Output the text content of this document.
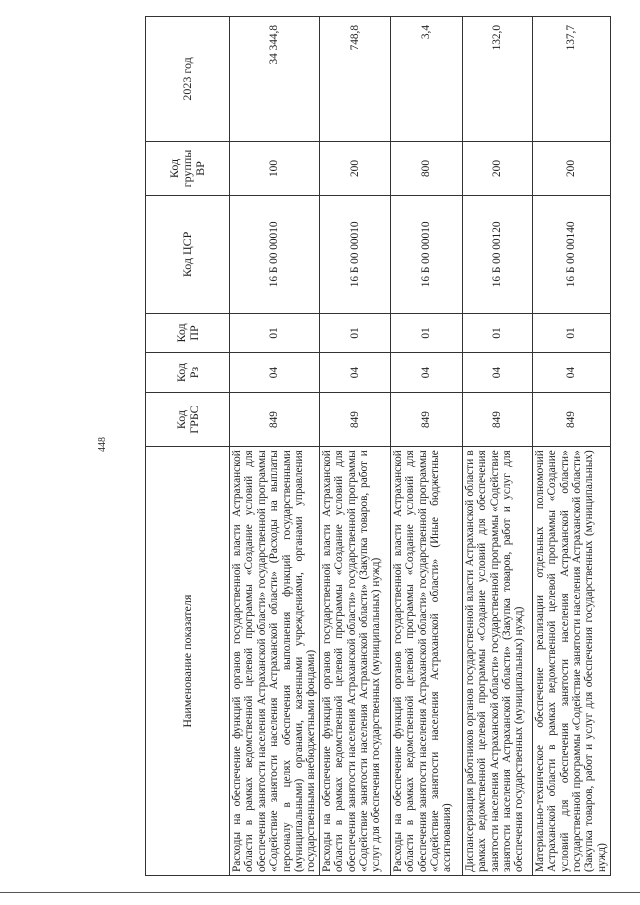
448
Наименование показателя	Код ГРБС	Код Рз	Код ПР	Код ЦСР	Код группы ВР	2023 год
Расходы на обеспечение функций органов государственной власти Астраханской области в рамках ведомственной целевой программы «Создание условий для обеспечения занятости населения Астраханской области» государственной программы «Содействие занятости населения Астраханской области» (Расходы на выплаты персоналу в целях обеспечения выполнения функций государственными (муниципальными) органами, казенными учреждениями, органами управления государственными внебюджетными фондами)	849	04	01	16 Б 00 00010	100	34 344,8
Расходы на обеспечение функций органов государственной власти Астраханской области в рамках ведомственной целевой программы «Создание условий для обеспечения занятости населения Астраханской области» государственной программы «Содействие занятости населения Астраханской области» (Закупка товаров, работ и услуг для обеспечения государственных (муниципальных) нужд)	849	04	01	16 Б 00 00010	200	748,8
Расходы на обеспечение функций органов государственной власти Астраханской области в рамках ведомственной целевой программы «Создание условий для обеспечения занятости населения Астраханской области» государственной программы «Содействие занятости населения Астраханской области» (Иные бюджетные ассигнования)	849	04	01	16 Б 00 00010	800	3,4
Диспансеризация работников органов государственной власти Астраханской области в рамках ведомственной целевой программы «Создание условий для обеспечения занятости населения Астраханской области» государственной программы «Содействие занятости населения Астраханской области» (Закупка товаров, работ и услуг для обеспечения государственных (муниципальных) нужд)	849	04	01	16 Б 00 00120	200	132,0
Материально-техническое обеспечение реализации отдельных полномочий Астраханской области в рамках ведомственной целевой программы «Создание условий для обеспечения занятости населения Астраханской области» государственной программы «Содействие занятости населения Астраханской области» (Закупка товаров, работ и услуг для обеспечения государственных (муниципальных) нужд)	849	04	01	16 Б 00 00140	200	137,7
